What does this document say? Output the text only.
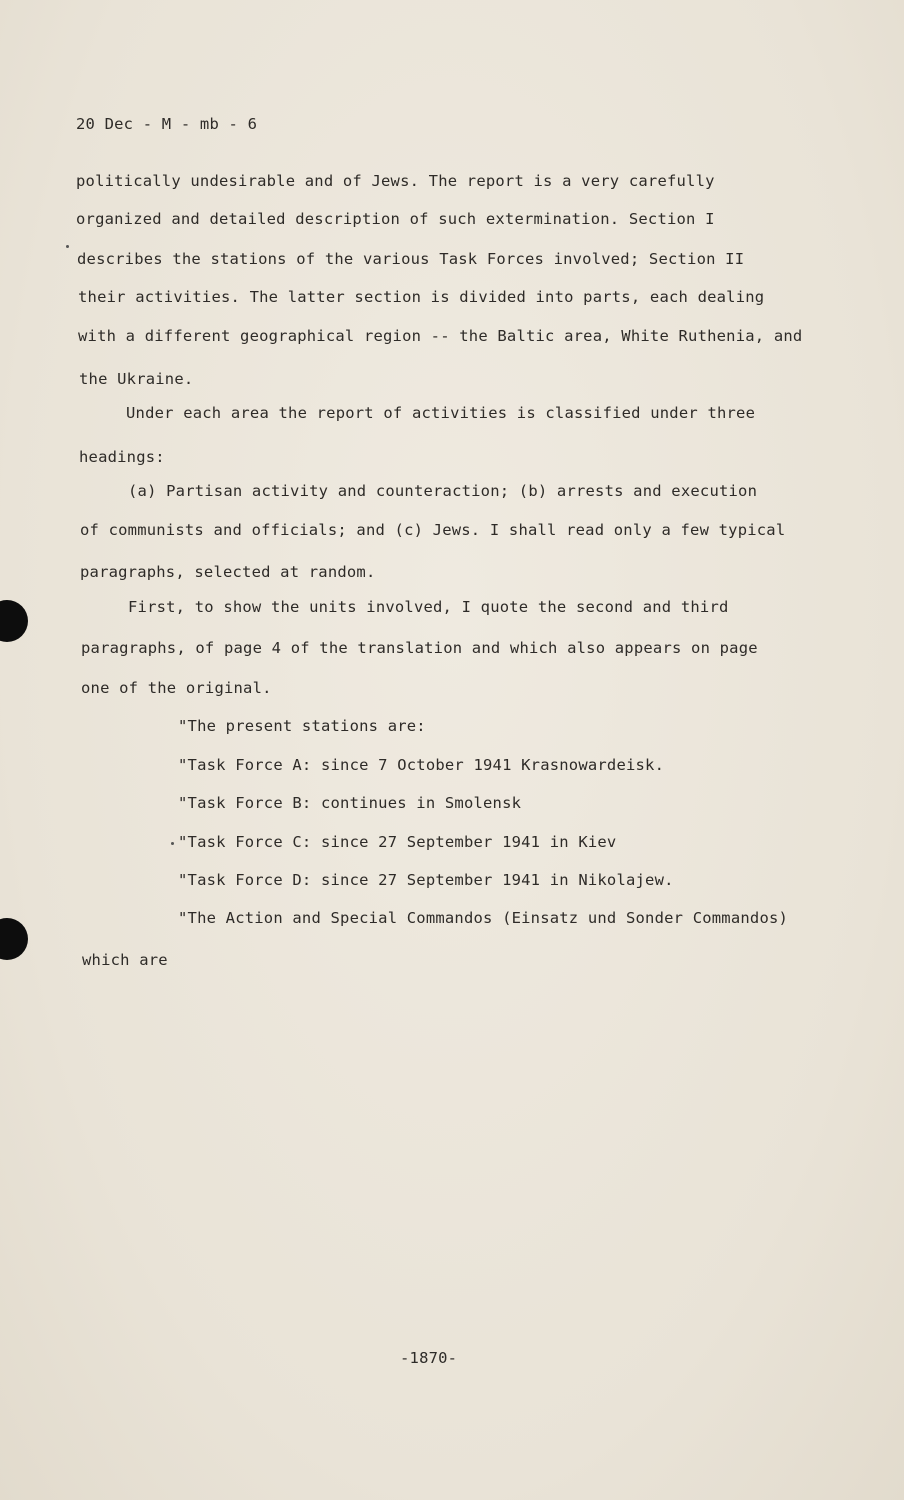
20 Dec - M - mb - 6
politically undesirable and of Jews. The report is a very carefully
organized and detailed description of such extermination. Section I
describes the stations of the various Task Forces involved; Section II
their activities. The latter section is divided into parts, each dealing
with a different geographical region -- the Baltic area, White Ruthenia, and
the Ukraine.
Under each area the report of activities is classified under three
headings:
(a) Partisan activity and counteraction; (b) arrests and execution
of communists and officials; and (c) Jews. I shall read only a few typical
paragraphs, selected at random.
First, to show the units involved, I quote the second and third
paragraphs, of page 4 of the translation and which also appears on page
one of the original.
"The present stations are:
"Task Force A: since 7 October 1941 Krasnowardeisk.
"Task Force B: continues in Smolensk
"Task Force C: since 27 September 1941 in Kiev
"Task Force D: since 27 September 1941 in Nikolajew.
"The Action and Special Commandos (Einsatz und Sonder Commandos)
which are
-1870-
